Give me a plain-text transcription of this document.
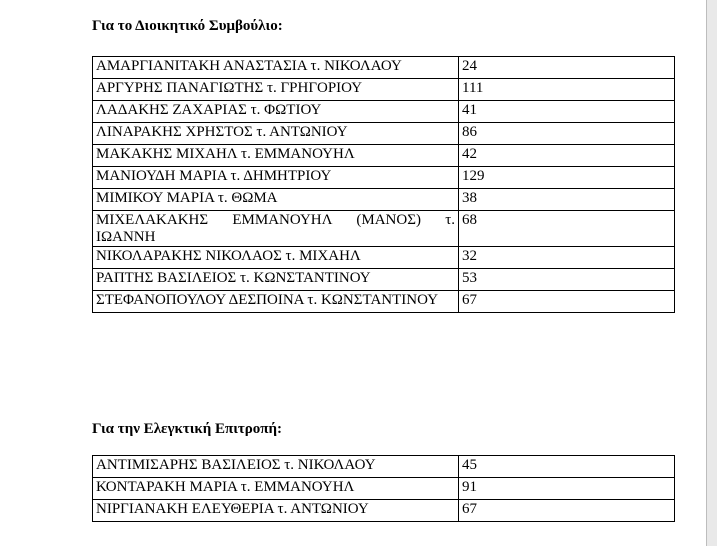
Για το Διοικητικό Συμβούλιο:
ΑΜΑΡΓΙΑΝΙΤΑΚΗ ΑΝΑΣΤΑΣΙΑ τ. ΝΙΚΟΛΑΟΥ	24
ΑΡΓΥΡΗΣ ΠΑΝΑΓΙΩΤΗΣ τ. ΓΡΗΓΟΡΙΟΥ	111
ΛΑΔΑΚΗΣ ΖΑΧΑΡΙΑΣ τ. ΦΩΤΙΟΥ	41
ΛΙΝΑΡΑΚΗΣ ΧΡΗΣΤΟΣ τ. ΑΝΤΩΝΙΟΥ	86
ΜΑΚΑΚΗΣ ΜΙΧΑΗΛ τ. ΕΜΜΑΝΟΥΗΛ	42
ΜΑΝΙΟΥΔΗ ΜΑΡΙΑ τ. ΔΗΜΗΤΡΙΟΥ	129
ΜΙΜΙΚΟΥ ΜΑΡΙΑ τ. ΘΩΜΑ	38
ΜΙΧΕΛΑΚΑΚΗΣ ΕΜΜΑΝΟΥΗΛ (ΜΑΝΟΣ) τ. ΙΩΑΝΝΗ	68
ΝΙΚΟΛΑΡΑΚΗΣ ΝΙΚΟΛΑΟΣ τ. ΜΙΧΑΗΛ	32
ΡΑΠΤΗΣ ΒΑΣΙΛΕΙΟΣ τ. ΚΩΝΣΤΑΝΤΙΝΟΥ	53
ΣΤΕΦΑΝΟΠΟΥΛΟΥ ΔΕΣΠΟΙΝΑ τ. ΚΩΝΣΤΑΝΤΙΝΟΥ	67
Για την Ελεγκτική Επιτροπή:
ΑΝΤΙΜΙΣΑΡΗΣ ΒΑΣΙΛΕΙΟΣ τ. ΝΙΚΟΛΑΟΥ	45
ΚΟΝΤΑΡΑΚΗ ΜΑΡΙΑ τ. ΕΜΜΑΝΟΥΗΛ	91
ΝΙΡΓΙΑΝΑΚΗ ΕΛΕΥΘΕΡΙΑ τ. ΑΝΤΩΝΙΟΥ	67
